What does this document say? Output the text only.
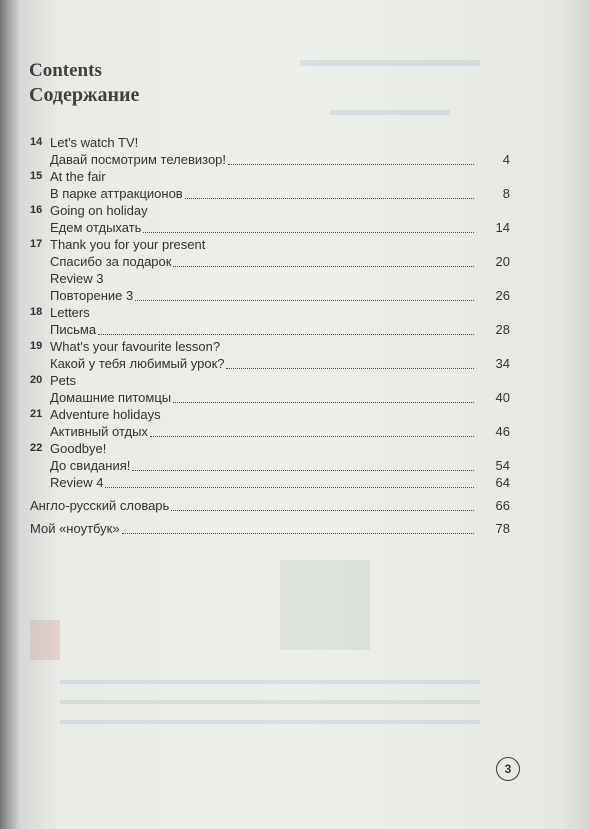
Contents
Содержание
14 Let's watch TV!
Давай посмотрим телевизор!	4
15 At the fair
В парке аттракционов	8
16 Going on holiday
Едем отдыхать	14
17 Thank you for your present
Спасибо за подарок	20
Review 3
Повторение 3	26
18 Letters
Письма	28
19 What's your favourite lesson?
Какой у тебя любимый урок?	34
20 Pets
Домашние питомцы	40
21 Adventure holidays
Активный отдых	46
22 Goodbye!
До свидания!	54
Review 4	64
Англо-русский словарь	66
Мой «ноутбук»	78
3
